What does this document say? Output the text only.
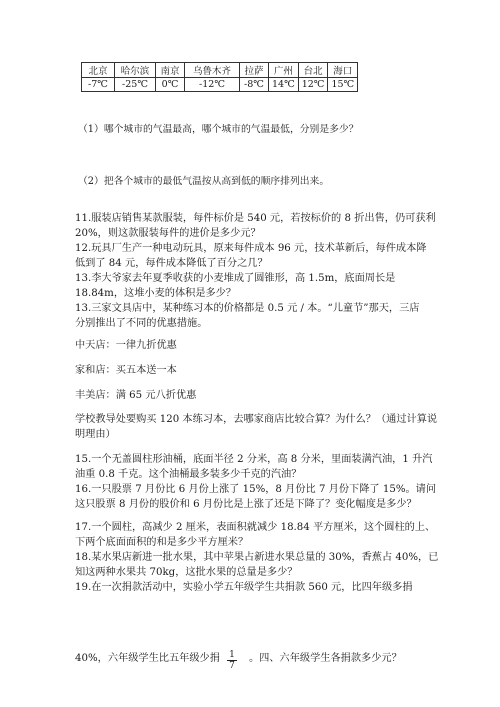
北京	哈尔滨	南京	乌鲁木齐	拉萨	广州	台北	海口
-7℃	-25℃	0℃	-12℃	-8℃	14℃	12℃	15℃
（1）哪个城市的气温最高，哪个城市的气温最低，分别是多少？
（2）把各个城市的最低气温按从高到低的顺序排列出来。
11.服装店销售某款服装，每件标价是 540 元，若按标价的 8 折出售，仍可获利
20%，则这款服装每件的进价是多少元？
12.玩具厂生产一种电动玩具，原来每件成本 96 元，技术革新后，每件成本降
低到了 84 元，每件成本降低了百分之几？
13.李大爷家去年夏季收获的小麦堆成了圆锥形，高 1.5m，底面周长是
18.84m，这堆小麦的体积是多少？
13.三家文具店中，某种练习本的价格都是 0.5 元 / 本。“儿童节”那天，三店
分别推出了不同的优惠措施。
中天店：一律九折优惠
家和店：买五本送一本
丰美店：满 65 元八折优惠
学校教导处要购买 120 本练习本，去哪家商店比较合算？为什么？（通过计算说
明理由）
15.一个无盖圆柱形油桶，底面半径 2 分米，高 8 分米，里面装满汽油，1 升汽
油重 0.8 千克。这个油桶最多装多少千克的汽油？
16.一只股票 7 月份比 6 月份上涨了 15%，8 月份比 7 月份下降了 15%。请问
这只股票 8 月份的股价和 6 月份比是上涨了还是下降了？变化幅度是多少？
17.一个圆柱，高减少 2 厘米，表面积就减少 18.84 平方厘米，这个圆柱的上、
下两个底面面积的和是多少平方厘米？
18.某水果店新进一批水果，其中苹果占新进水果总量的 30%，香蕉占 40%，已
知这两种水果共 70kg，这批水果的总量是多少？
19.在一次捐款活动中，实验小学五年级学生共捐款 560 元，比四年级多捐
40%，六年级学生比五年级少捐	1
7
。四、六年级学生各捐款多少元？
